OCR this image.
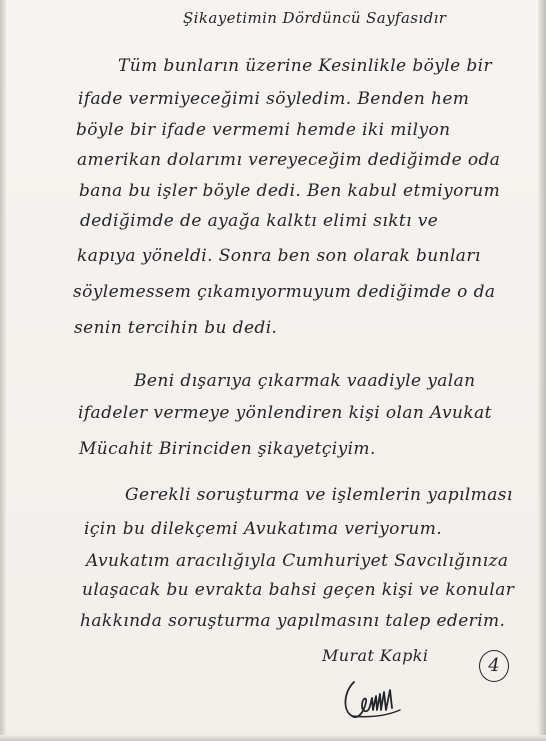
Şikayetimin Dördüncü Sayfasıdır
Tüm bunların üzerine Kesinlikle böyle bir
ifade vermiyeceğimi söyledim. Benden hem
böyle bir ifade vermemi hemde iki milyon
amerikan dolarımı vereyeceğim dediğimde oda
bana bu işler böyle dedi. Ben kabul etmiyorum
dediğimde de ayağa kalktı elimi sıktı ve
kapıya yöneldi. Sonra ben son olarak bunları
söylemessem çıkamıyormuyum dediğimde o da
senin tercihin bu dedi.
Beni dışarıya çıkarmak vaadiyle yalan
ifadeler vermeye yönlendiren kişi olan Avukat
Mücahit Birinciden şikayetçiyim.
Gerekli soruşturma ve işlemlerin yapılması
için bu dilekçemi Avukatıma veriyorum.
Avukatım aracılığıyla Cumhuriyet Savcılığınıza
ulaşacak bu evrakta bahsi geçen kişi ve konular
hakkında soruşturma yapılmasını talep ederim.
Murat Kapki	4
